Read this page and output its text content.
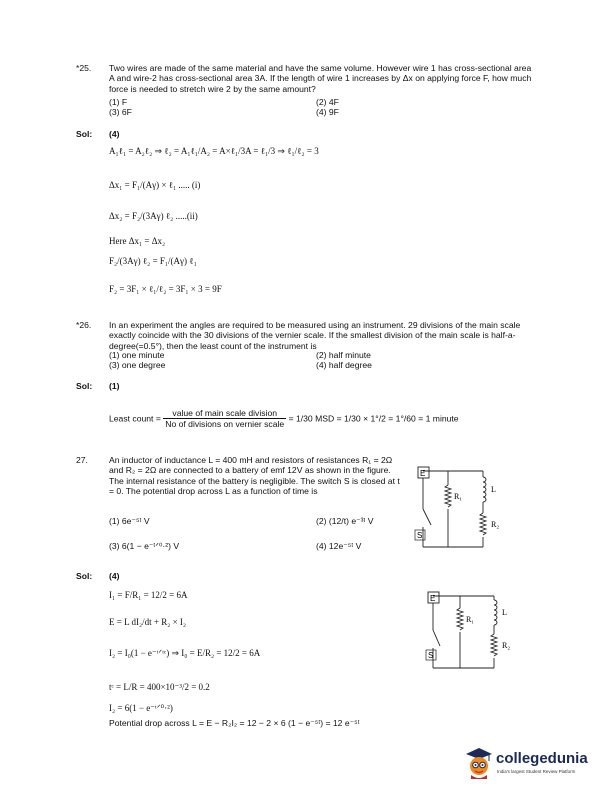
*25. Two wires are made of the same material and have the same volume. However wire 1 has cross-sectional area A and wire-2 has cross-sectional area 3A. If the length of wire 1 increases by Δx on applying force F, how much force is needed to stretch wire 2 by the same amount?
(1) F	(2) 4F
(3) 6F	(4) 9F
Sol: (4)
A₁ℓ₁ = A₂ℓ₂ ⇒ ℓ₂ = A₁ℓ₁/A₂ = A×ℓ₁/3A = ℓ₁/3 ⇒ ℓ₁/ℓ₂ = 3
Δx₁ = F₁/(Aγ) × ℓ₁ ..... (i)
Δx₂ = F₂/(3Aγ) ℓ₂ .....(ii)
Here Δx₁ = Δx₂
F₂/(3Aγ) ℓ₂ = F₁/(Aγ) ℓ₁
F₂ = 3F₁ × ℓ₁/ℓ₂ = 3F₁ × 3 = 9F
*26. In an experiment the angles are required to be measured using an instrument. 29 divisions of the main scale exactly coincide with the 30 divisions of the vernier scale. If the smallest division of the main scale is half-a-degree(=0.5°), then the least count of the instrument is
(1) one minute	(2) half minute
(3) one degree	(4) half degree
Sol: (1)
Least count = $\frac{\text{value of main scale division}}{\text{No of divisions on vernier scale}} = 1/30$ MSD = 1/30 × 1°/2 = 1°/60 = 1 minute
27. An inductor of inductance L = 400 mH and resistors of resistances R₁ = 2Ω and R₂ = 2Ω are connected to a battery of emf 12V as shown in the figure. The internal resistance of the battery is negligible. The switch S is closed at t = 0. The potential drop across L as a function of time is
(1) 6e⁻⁵ᵗ V	(2) (12/t) e⁻³ᵗ V
(3) 6(1 − e⁻ᵗᐟ⁰·²) V	(4) 12e⁻⁵ᵗ V
E
R₁
L
R₂
S
Sol: (4)
I₁ = F/R₁ = 12/2 = 6A
E = L dI₂/dt + R₂ × I₂
I₂ = I₀(1 − e⁻ᵗᐟᵗᶜ) ⇒ I₀ = E/R₂ = 12/2 = 6A
tᶜ = L/R = 400×10⁻³/2 = 0.2
I₂ = 6(1 − e⁻ᵗᐟ⁰·²)
Potential drop across L = E − R₂I₂ = 12 − 2 × 6 (1 − e⁻⁵ᵗ) = 12 e⁻⁵ᵗ
E
R₁
L
R₂
S
collegedunia
India's largest Student Review Platform
